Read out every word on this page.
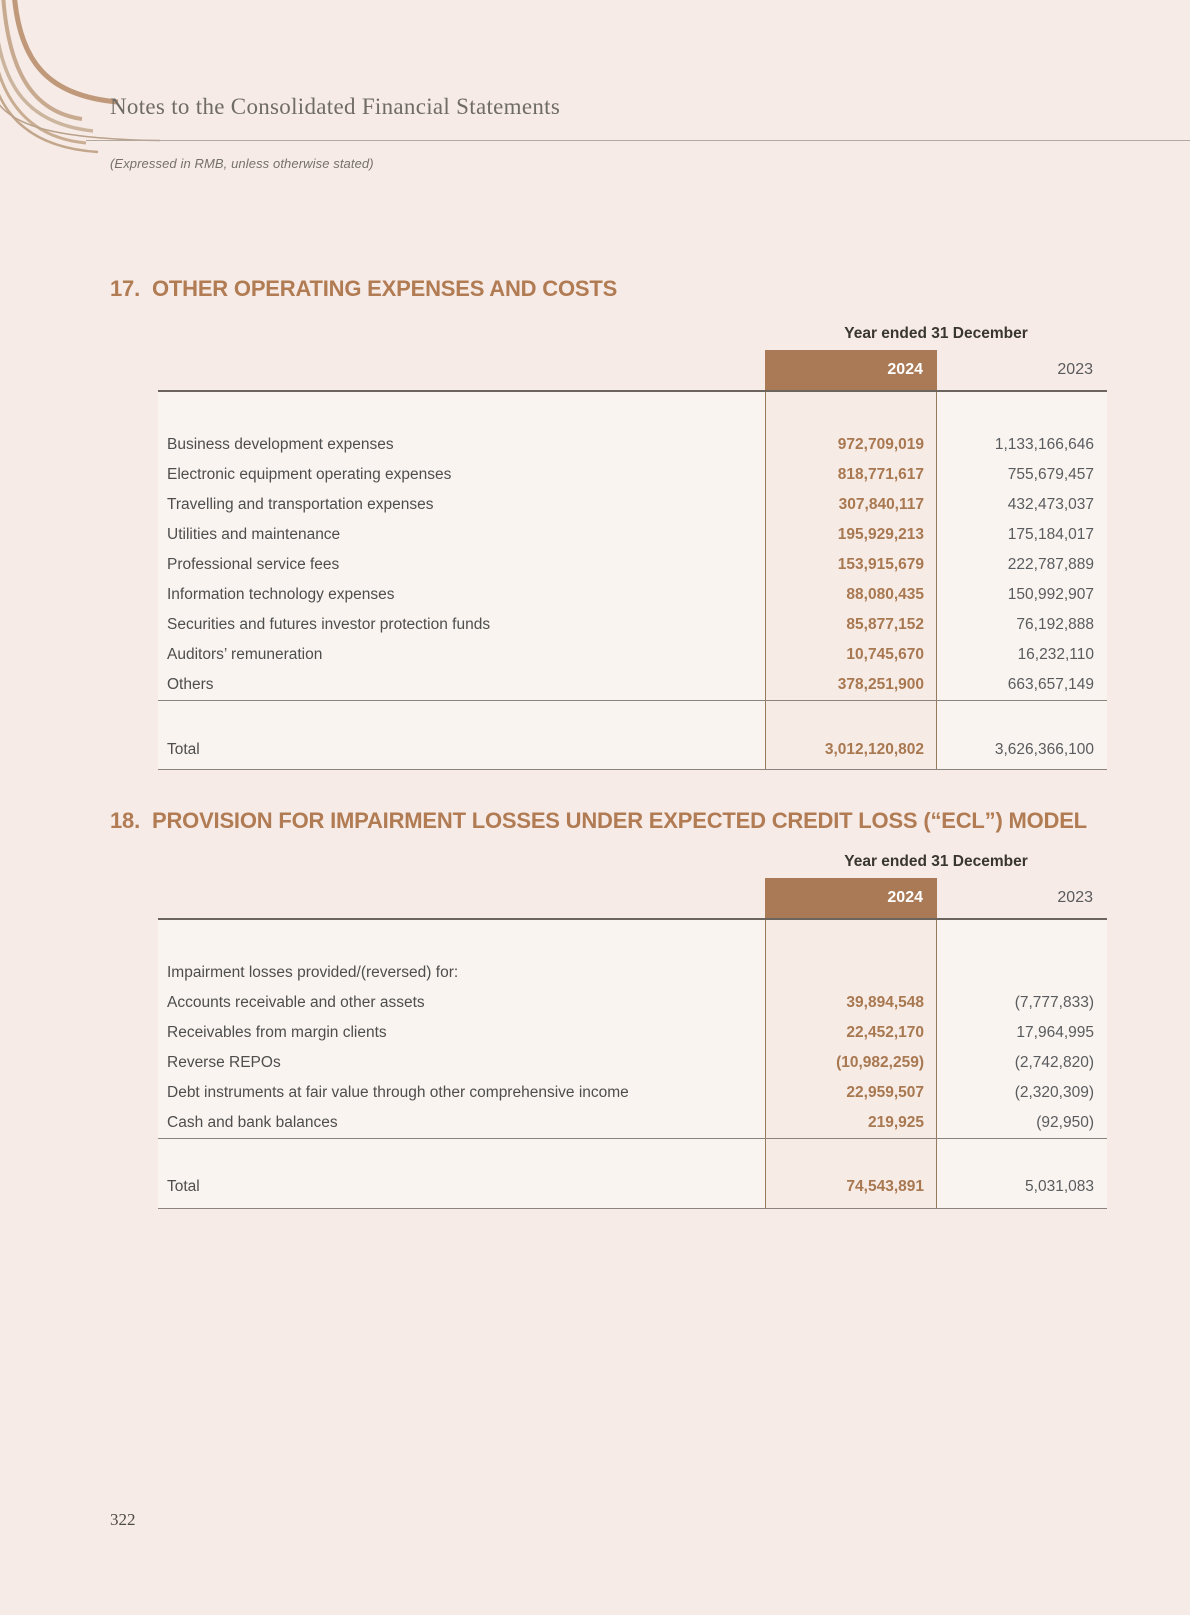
Notes to the Consolidated Financial Statements
(Expressed in RMB, unless otherwise stated)
17. OTHER OPERATING EXPENSES AND COSTS
Year ended 31 December
2024	2023
Business development expenses	972,709,019	1,133,166,646
Electronic equipment operating expenses	818,771,617	755,679,457
Travelling and transportation expenses	307,840,117	432,473,037
Utilities and maintenance	195,929,213	175,184,017
Professional service fees	153,915,679	222,787,889
Information technology expenses	88,080,435	150,992,907
Securities and futures investor protection funds	85,877,152	76,192,888
Auditors’ remuneration	10,745,670	16,232,110
Others	378,251,900	663,657,149
Total	3,012,120,802	3,626,366,100
18. PROVISION FOR IMPAIRMENT LOSSES UNDER EXPECTED CREDIT LOSS (“ECL”) MODEL
Year ended 31 December
2024	2023
Impairment losses provided/(reversed) for:
Accounts receivable and other assets	39,894,548	(7,777,833)
Receivables from margin clients	22,452,170	17,964,995
Reverse REPOs	(10,982,259)	(2,742,820)
Debt instruments at fair value through other comprehensive income	22,959,507	(2,320,309)
Cash and bank balances	219,925	(92,950)
Total	74,543,891	5,031,083
322
